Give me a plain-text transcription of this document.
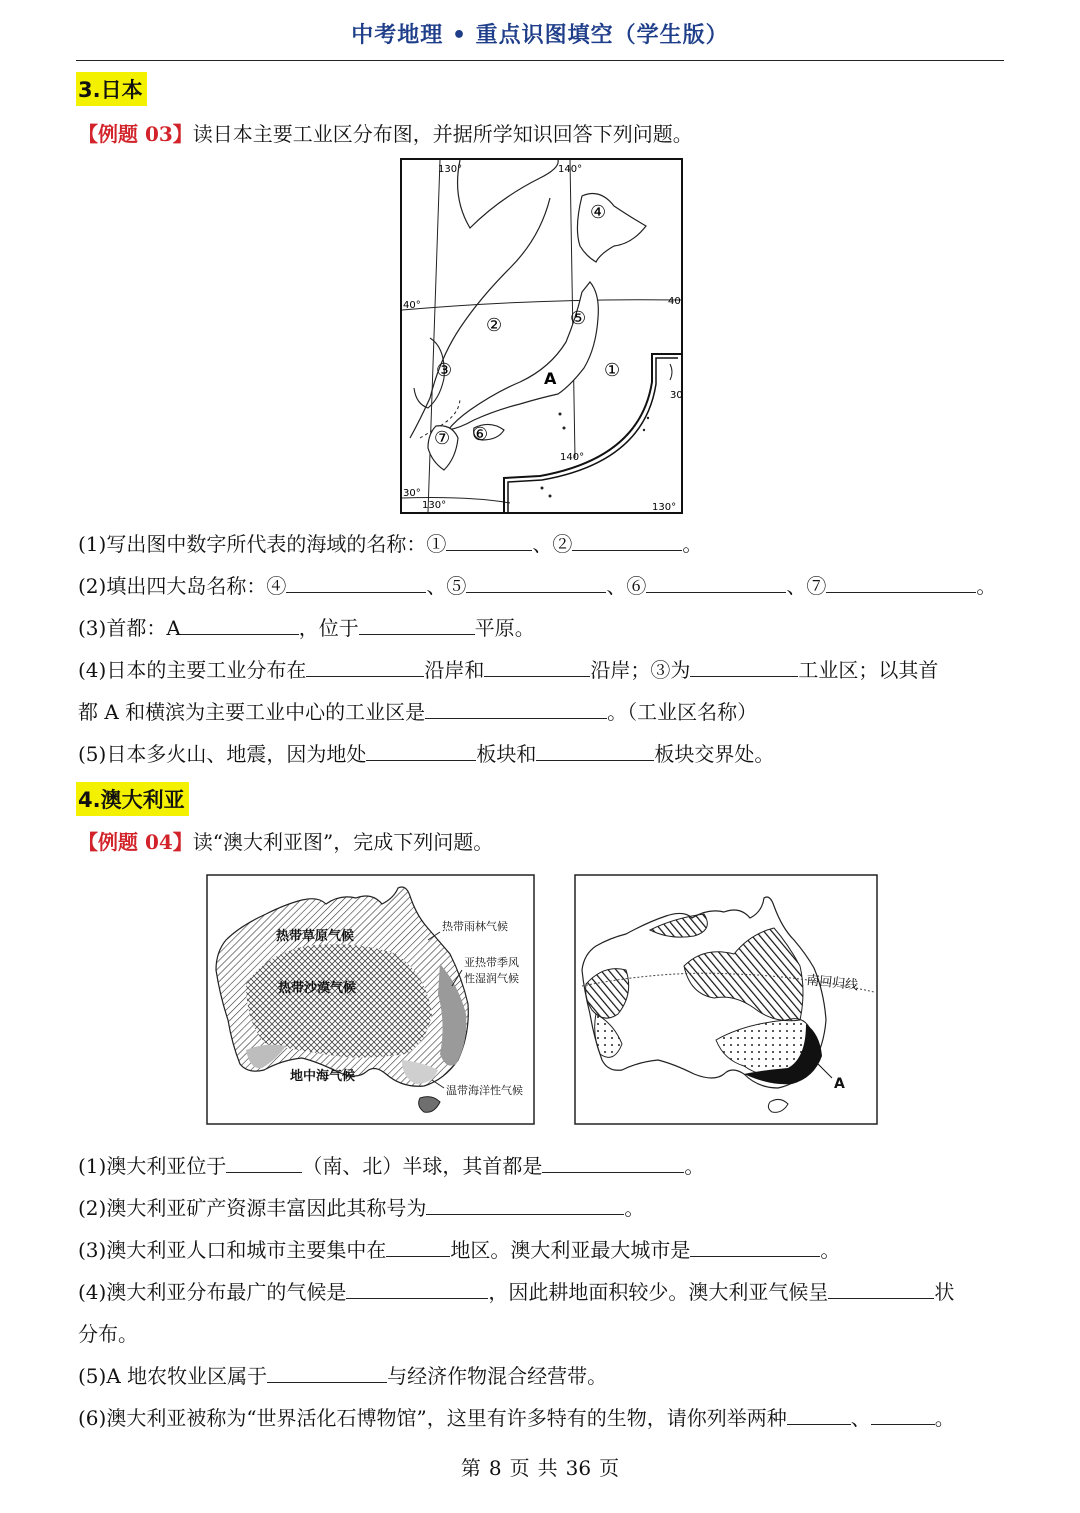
中考地理 • 重点识图填空（学生版）
3.日本
【例题 03】读日本主要工业区分布图，并据所学知识回答下列问题。
130°	140°
140°
130°	130°
40°	40
30
30°
②
④
⑤
①
③
⑦ ⑥
A
(1)写出图中数字所代表的海域的名称：①	、②	。
(2)填出四大岛名称：④	、⑤	、⑥	、⑦	。
(3)首都：A	，位于	平原。
(4)日本的主要工业分布在	沿岸和	沿岸；③为	工业区；以其首
都 A 和横滨为主要工业中心的工业区是	。（工业区名称）
(5)日本多火山、地震，因为地处	板块和	板块交界处。
4.澳大利亚
【例题 04】读“澳大利亚图”，完成下列问题。
热带草原气候
热带沙漠气候
地中海气候
热带雨林气候
亚热带季风
性湿润气候
温带海洋性气候
南回归线
A
(1)澳大利亚位于	（南、北）半球，其首都是	。
(2)澳大利亚矿产资源丰富因此其称号为	。
(3)澳大利亚人口和城市主要集中在	地区。澳大利亚最大城市是	。
(4)澳大利亚分布最广的气候是	，因此耕地面积较少。澳大利亚气候呈	状
分布。
(5)A 地农牧业区属于	与经济作物混合经营带。
(6)澳大利亚被称为“世界活化石博物馆”，这里有许多特有的生物，请你列举两种	、	。
第 8 页 共 36 页
